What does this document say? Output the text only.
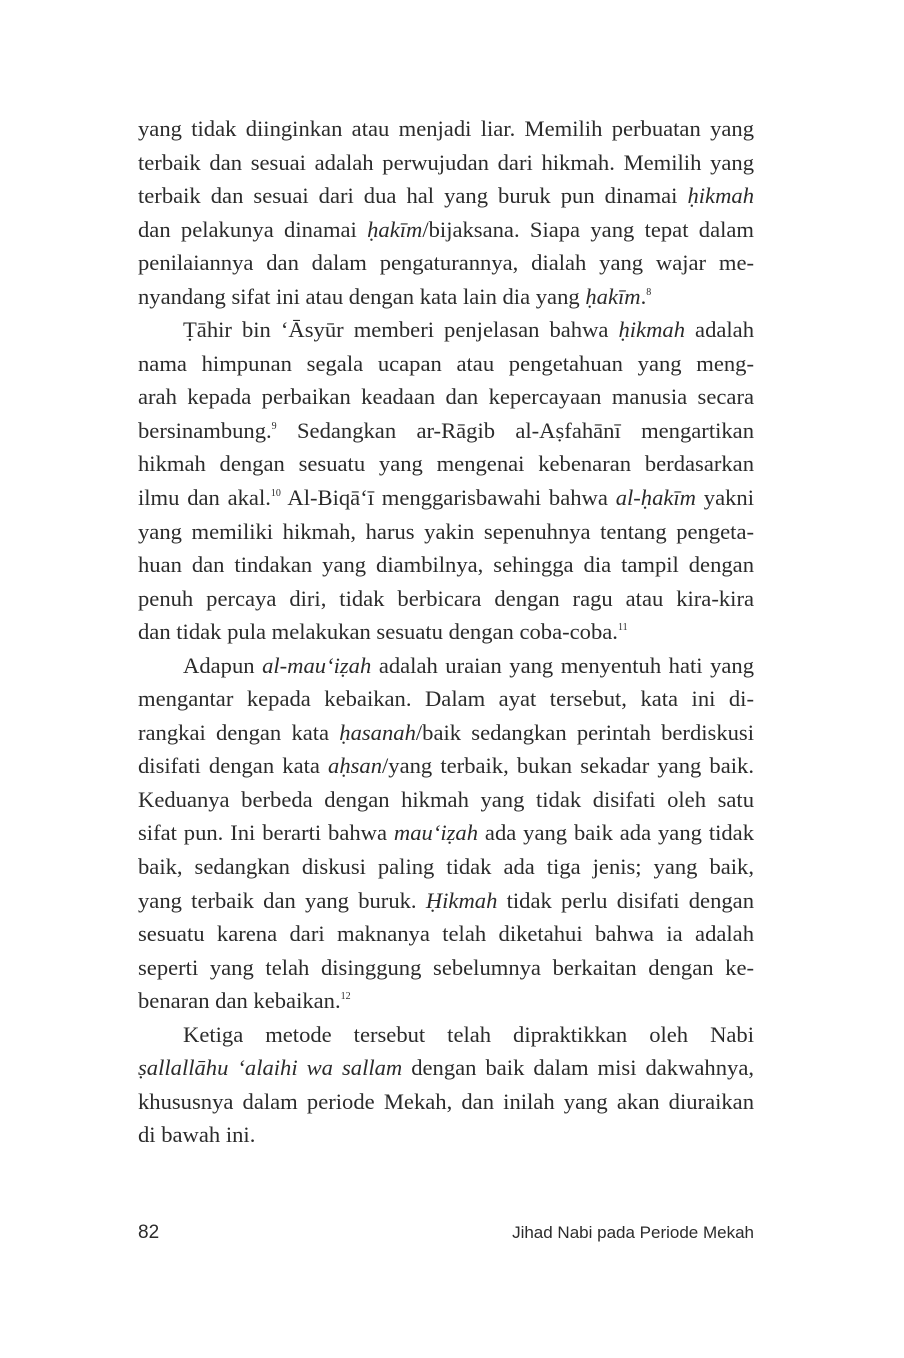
yang tidak diinginkan atau menjadi liar. Memilih perbuatan yang
terbaik dan sesuai adalah perwujudan dari hikmah. Memilih yang
terbaik dan sesuai dari dua hal yang buruk pun dinamai ḥikmah
dan pelakunya dinamai ḥakīm/bijaksana. Siapa yang tepat dalam
penilaiannya dan dalam pengaturannya, dialah yang wajar me-
nyandang sifat ini atau dengan kata lain dia yang ḥakīm.$^8$
Ṭāhir bin ‘Āsyūr memberi penjelasan bahwa ḥikmah adalah
nama himpunan segala ucapan atau pengetahuan yang meng-
arah kepada perbaikan keadaan dan kepercayaan manusia secara
bersinambung.$^9$ Sedangkan ar-Rāgib al-Aṣfahānī mengartikan
hikmah dengan sesuatu yang mengenai kebenaran berdasarkan
ilmu dan akal.$^{10}$ Al-Biqā‘ī menggarisbawahi bahwa al-ḥakīm yakni
yang memiliki hikmah, harus yakin sepenuhnya tentang pengeta-
huan dan tindakan yang diambilnya, sehingga dia tampil dengan
penuh percaya diri, tidak berbicara dengan ragu atau kira-kira
dan tidak pula melakukan sesuatu dengan coba-coba.$^{11}$
Adapun al-mau‘iẓah adalah uraian yang menyentuh hati yang
mengantar kepada kebaikan. Dalam ayat tersebut, kata ini di-
rangkai dengan kata ḥasanah/baik sedangkan perintah berdiskusi
disifati dengan kata aḥsan/yang terbaik, bukan sekadar yang baik.
Keduanya berbeda dengan hikmah yang tidak disifati oleh satu
sifat pun. Ini berarti bahwa mau‘iẓah ada yang baik ada yang tidak
baik, sedangkan diskusi paling tidak ada tiga jenis; yang baik,
yang terbaik dan yang buruk. Ḥikmah tidak perlu disifati dengan
sesuatu karena dari maknanya telah diketahui bahwa ia adalah
seperti yang telah disinggung sebelumnya berkaitan dengan ke-
benaran dan kebaikan.$^{12}$
Ketiga metode tersebut telah dipraktikkan oleh Nabi
ṣallallāhu ‘alaihi wa sallam dengan baik dalam misi dakwahnya,
khususnya dalam periode Mekah, dan inilah yang akan diuraikan
di bawah ini.
82	Jihad Nabi pada Periode Mekah
